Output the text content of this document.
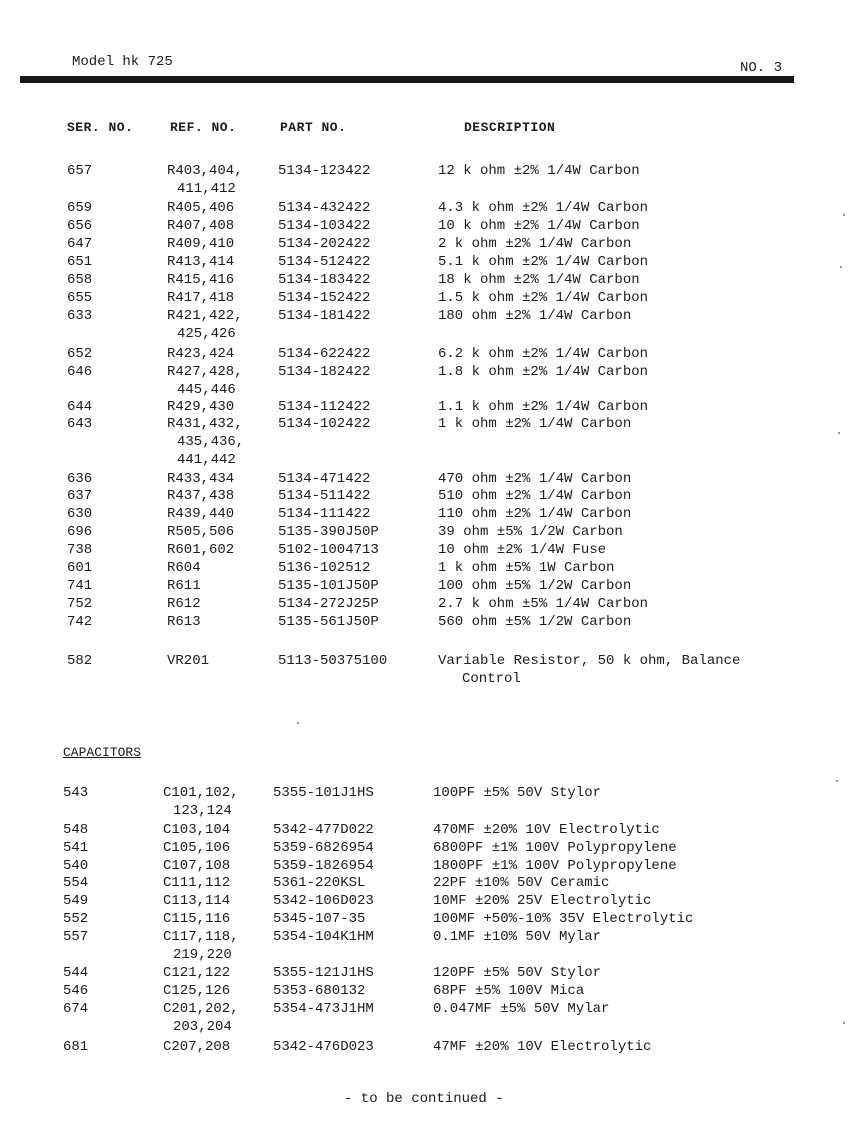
Model hk 725	NO. 3
SER. NO.	REF. NO.	PART NO.	DESCRIPTION
657	R403,404,	5134-123422	12 k ohm ±2% 1/4W Carbon
411,412
659	R405,406	5134-432422	4.3 k ohm ±2% 1/4W Carbon
656	R407,408	5134-103422	10 k ohm ±2% 1/4W Carbon
647	R409,410	5134-202422	2 k ohm ±2% 1/4W Carbon
651	R413,414	5134-512422	5.1 k ohm ±2% 1/4W Carbon
658	R415,416	5134-183422	18 k ohm ±2% 1/4W Carbon
655	R417,418	5134-152422	1.5 k ohm ±2% 1/4W Carbon
633	R421,422,	5134-181422	180 ohm ±2% 1/4W Carbon
425,426
652	R423,424	5134-622422	6.2 k ohm ±2% 1/4W Carbon
646	R427,428,	5134-182422	1.8 k ohm ±2% 1/4W Carbon
445,446
644	R429,430	5134-112422	1.1 k ohm ±2% 1/4W Carbon
643	R431,432,	5134-102422	1 k ohm ±2% 1/4W Carbon
435,436,
441,442
636	R433,434	5134-471422	470 ohm ±2% 1/4W Carbon
637	R437,438	5134-511422	510 ohm ±2% 1/4W Carbon
630	R439,440	5134-111422	110 ohm ±2% 1/4W Carbon
696	R505,506	5135-390J50P	39 ohm ±5% 1/2W Carbon
738	R601,602	5102-1004713	10 ohm ±2% 1/4W Fuse
601	R604	5136-102512	1 k ohm ±5% 1W Carbon
741	R611	5135-101J50P	100 ohm ±5% 1/2W Carbon
752	R612	5134-272J25P	2.7 k ohm ±5% 1/4W Carbon
742	R613	5135-561J50P	560 ohm ±5% 1/2W Carbon
582	VR201	5113-50375100	Variable Resistor, 50 k ohm, Balance
Control
CAPACITORS
543	C101,102, 5355-101J1HS	100PF ±5% 50V Stylor
123,124
548	C103,104	5342-477D022	470MF ±20% 10V Electrolytic
541	C105,106	5359-6826954	6800PF ±1% 100V Polypropylene
540	C107,108	5359-1826954	1800PF ±1% 100V Polypropylene
554	C111,112	5361-220KSL	22PF ±10% 50V Ceramic
549	C113,114	5342-106D023	10MF ±20% 25V Electrolytic
552	C115,116	5345-107-35	100MF +50%-10% 35V Electrolytic
557	C117,118, 5354-104K1HM	0.1MF ±10% 50V Mylar
219,220
544	C121,122	5355-121J1HS	120PF ±5% 50V Stylor
546	C125,126	5353-680132	68PF ±5% 100V Mica
674	C201,202, 5354-473J1HM	0.047MF ±5% 50V Mylar
203,204
681	C207,208	5342-476D023	47MF ±20% 10V Electrolytic
- to be continued -
